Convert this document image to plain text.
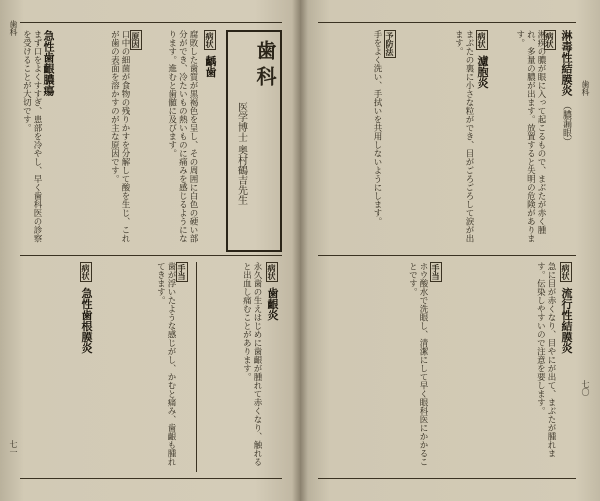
歯科
七一
歯科
医学博士 奥村鶴吉先生
病状 齲歯
腐敗した歯質が黒褐色を呈し、その周囲に白色の硬い部分ができ、冷たいもの熱いものに痛みを感じるようになります。進むと歯髄に及びます。
原因
口中の細菌が食物の残りかすを分解して酸を生じ、これが歯の表面を溶かすのが主な原因です。
急性歯齦膿瘍
まず口をよくすすぎ、患部を冷やし、早く歯科医の診察を受けることが大切です。
病状 歯齦炎
永久歯の生えはじめに歯齦が腫れて赤くなり、触れると出血し痛むことがあります。
手当
歯が浮いたような感じがし、かむと痛み、歯齦も腫れてきます。
病状 急性歯根膜炎
歯科
七〇
淋毒性結膜炎 （膿漏眼）
病状
淋疾の膿が眼に入って起こるもので、まぶたが赤く腫れ、多量の膿が出ます。放置すると失明の危険があります。
病状 濾胞炎
まぶたの裏に小さな粒ができ、目がごろごろして涙が出ます。
予防法
手をよく洗い、手拭いを共用しないようにします。
病状 流行性結膜炎
急に目が赤くなり、目やにが出て、まぶたが腫れます。伝染しやすいので注意を要します。
手当
ホウ酸水で洗眼し、清潔にして早く眼科医にかかることです。
